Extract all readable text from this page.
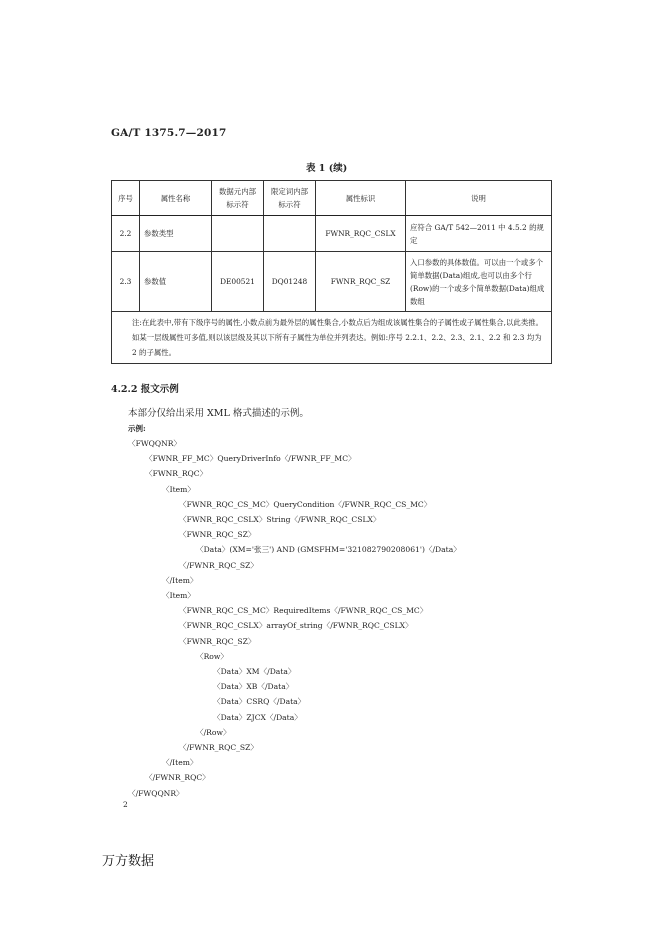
GA/T 1375.7—2017
表 1 (续)
序号	属性名称	数据元内部标示符	限定词内部标示符	属性标识	说明
2.2	参数类型			FWNR_RQC_CSLX	应符合 GA/T 542—2011 中 4.5.2 的规定
2.3	参数值	DE00521	DQ01248	FWNR_RQC_SZ	入口参数的具体数值。可以由一个或多个简单数据(Data)组成,也可以由多个行(Row)的一个或多个简单数据(Data)组成数组
注:在此表中,带有下级序号的属性,小数点前为最外层的属性集合,小数点后为组成该属性集合的子属性或子属性集合,以此类推。如某一层级属性可多值,则以该层级及其以下所有子属性为单位并列表达。例如:序号 2.2.1、2.2、2.3、2.1、2.2 和 2.3 均为 2 的子属性。					
4.2.2 报文示例
本部分仅给出采用 XML 格式描述的示例。
示例:
〈FWQQNR〉
〈FWNR_FF_MC〉QueryDriverInfo〈/FWNR_FF_MC〉
〈FWNR_RQC〉
〈Item〉
〈FWNR_RQC_CS_MC〉QueryCondition〈/FWNR_RQC_CS_MC〉
〈FWNR_RQC_CSLX〉String〈/FWNR_RQC_CSLX〉
〈FWNR_RQC_SZ〉
〈Data〉(XM='张三') AND (GMSFHM='321082790208061')〈/Data〉
〈/FWNR_RQC_SZ〉
〈/Item〉
〈Item〉
〈FWNR_RQC_CS_MC〉RequiredItems〈/FWNR_RQC_CS_MC〉
〈FWNR_RQC_CSLX〉arrayOf_string〈/FWNR_RQC_CSLX〉
〈FWNR_RQC_SZ〉
〈Row〉
〈Data〉XM〈/Data〉
〈Data〉XB〈/Data〉
〈Data〉CSRQ〈/Data〉
〈Data〉ZJCX〈/Data〉
〈/Row〉
〈/FWNR_RQC_SZ〉
〈/Item〉
〈/FWNR_RQC〉
〈/FWQQNR〉
2
万方数据
